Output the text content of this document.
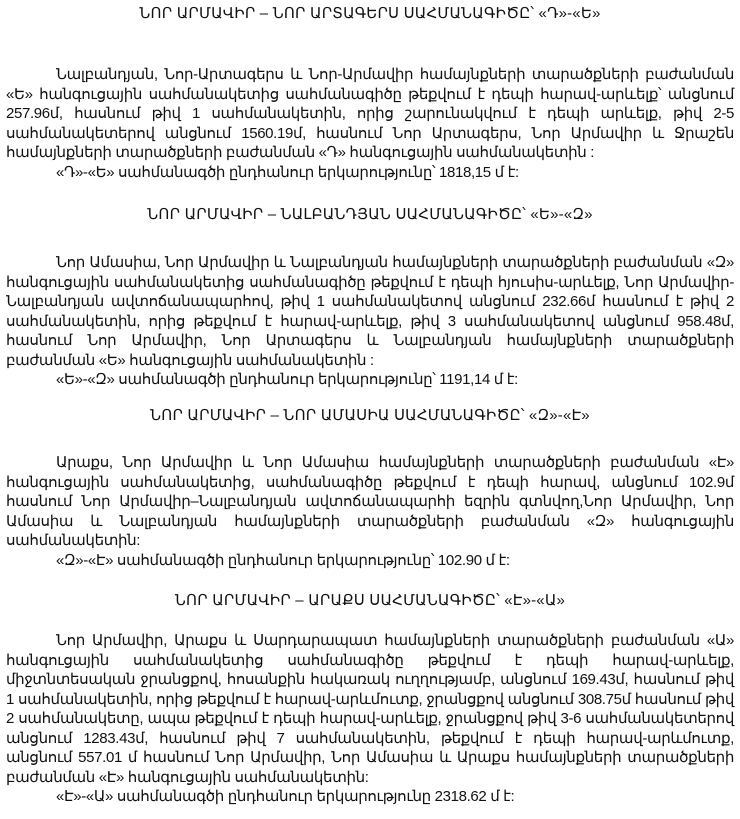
ՆՈՐ ԱՐՄԱՎԻՐ – ՆՈՐ ԱՐՏԱԳԵՐՍ ՍԱՀՄԱՆԱԳԻԾԸ՝ «Դ»-«Ե»

Նալբանդյան, Նոր-Արտագերս և Նոր-Արմավիր համայնքների տարածքների բաժանման «Ե» հանգուցային սահմանակետից սահմանագիծը թեքվում է դեպի հարավ-արևելք՝ անցնում 257.96մ, հասնում թիվ 1 սահմանակետին, որից շարունակվում է դեպի արևելք, թիվ 2-5 սահմանակետերով անցնում 1560.19մ, հասնում Նոր Արտագերս, Նոր Արմավիր և Ջրաշեն համայնքների տարածքների բաժանման «Դ» հանգուցային սահմանակետին :
«Դ»-«Ե» սահմանագծի ընդհանուր երկարությունը՝ 1818,15 մ է:

ՆՈՐ ԱՐՄԱՎԻՐ – ՆԱԼԲԱՆԴՅԱՆ ՍԱՀՄԱՆԱԳԻԾԸ՝ «Ե»-«Զ»

Նոր Ամասիա, Նոր Արմավիր և Նալբանդյան համայնքների տարածքների բաժանման «Զ» հանգուցային սահմանակետից սահմանագիծը թեքվում է դեպի հյուսիս-արևելք, Նոր Արմավիր- Նալբանդյան ավտոճանապարհով, թիվ 1 սահմանակետով անցնում 232.66մ հասնում է թիվ 2 սահմանակետին, որից թեքվում է հարավ-արևելք, թիվ 3 սահմանակետով անցնում 958.48մ, հասնում Նոր Արմավիր, Նոր Արտագերս և Նալբանդյան համայնքների տարածքների բաժանման «Ե» հանգուցային սահմանակետին :
«Ե»-«Զ» սահմանագծի ընդհանուր երկարությունը՝ 1191,14 մ է:

ՆՈՐ ԱՐՄԱՎԻՐ – ՆՈՐ ԱՄԱՍԻԱ ՍԱՀՄԱՆԱԳԻԾԸ՝ «Զ»-«Է»

Արաքս, Նոր Արմավիր և Նոր Ամասիա համայնքների տարածքների բաժանման «Է» հանգուցային սահմանակետից, սահմանագիծը թեքվում է դեպի հարավ, անցնում 102.9մ հասնում Նոր Արմավիր–Նալբանդյան ավտոճանապարհի եզրին գտնվող,Նոր Արմավիր, Նոր Ամասիա և Նալբանդյան համայնքների տարածքների բաժանման «Զ» հանգուցային սահմանակետին:
«Զ»-«Է» սահմանագծի ընդհանուր երկարությունը՝ 102.90 մ է:

ՆՈՐ ԱՐՄԱՎԻՐ – ԱՐԱՔՍ ՍԱՀՄԱՆԱԳԻԾԸ՝ «Է»-«Ա»

Նոր Արմավիր, Արաքս և Սարդարապատ համայնքների տարածքների բաժանման «Ա» հանգուցային սահմանակետից սահմանագիծը թեքվում է դեպի հարավ-արևելք, միջտնտեսական ջրանցքով, հոսանքին հակառակ ուղղությամբ, անցնում 169.43մ, հասնում թիվ 1 սահմանակետին, որից թեքվում է հարավ-արևմուտք, ջրանցքով անցնում 308.75մ հասնում թիվ 2 սահմանակետը, ապա թեքվում է դեպի հարավ-արևելք, ջրանցքով թիվ 3-6 սահմանակետերով անցնում 1283.43մ, հասնում թիվ 7 սահմանակետին, թեքվում է դեպի հարավ-արևմուտք, անցնում 557.01 մ հասնում Նոր Արմավիր, Նոր Ամասիա և Արաքս համայնքների տարածքների բաժանման «Է» հանգուցային սահմանակետին:
«Է»-«Ա» սահմանագծի ընդհանուր երկարությունը 2318.62 մ է:
